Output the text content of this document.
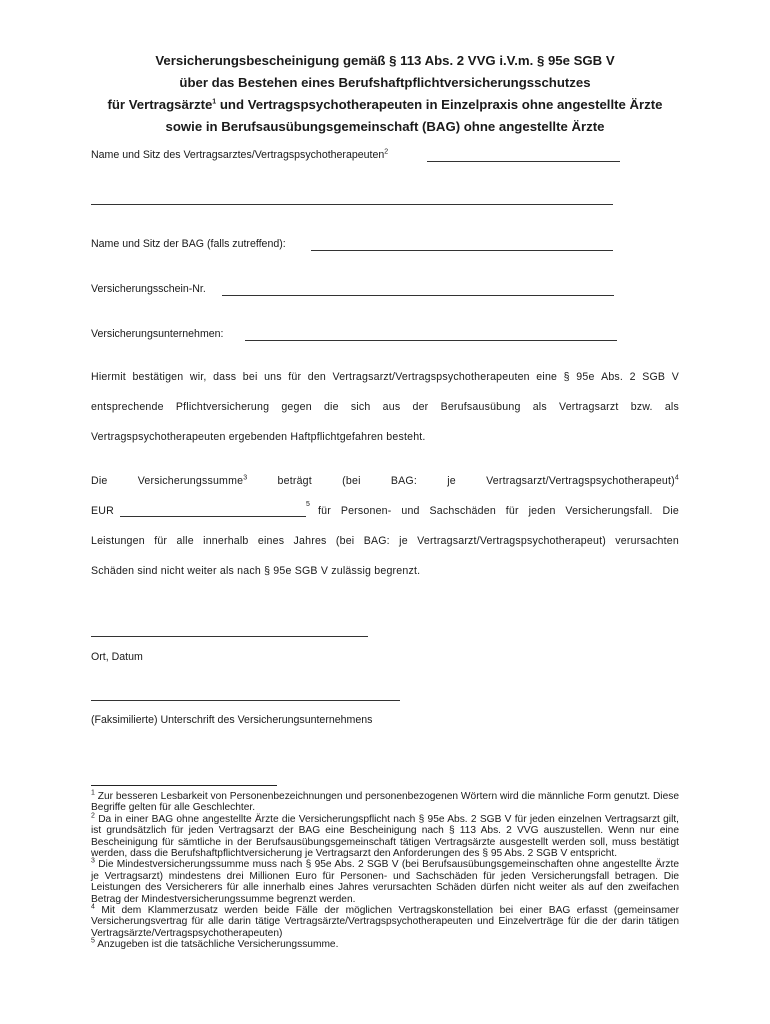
Versicherungsbescheinigung gemäß § 113 Abs. 2 VVG i.V.m. § 95e SGB V
über das Bestehen eines Berufshaftpflichtversicherungsschutzes
für Vertragsärzte$^1$ und Vertragspsychotherapeuten in Einzelpraxis ohne angestellte Ärzte
sowie in Berufsausübungsgemeinschaft (BAG) ohne angestellte Ärzte
Name und Sitz des Vertragsarztes/Vertragspsychotherapeuten$^2$
Name und Sitz der BAG (falls zutreffend):
Versicherungsschein-Nr.
Versicherungsunternehmen:
Hiermit bestätigen wir, dass bei uns für den Vertragsarzt/Vertragspsychotherapeuten eine § 95e Abs. 2 SGB V
entsprechende Pflichtversicherung gegen die sich aus der Berufsausübung als Vertragsarzt bzw. als
Vertragspsychotherapeuten ergebenden Haftpflichtgefahren besteht.
Die	Versicherungssumme$^3$	beträgt	(bei	BAG:	je	Vertragsarzt/Vertragspsychotherapeut)$^4$
EUR
5
für Personen- und Sachschäden für jeden Versicherungsfall. Die
Leistungen für alle innerhalb eines Jahres (bei BAG: je Vertragsarzt/Vertragspsychotherapeut) verursachten
Schäden sind nicht weiter als nach § 95e SGB V zulässig begrenzt.
Ort, Datum
(Faksimilierte) Unterschrift des Versicherungsunternehmens

$^1$ Zur besseren Lesbarkeit von Personenbezeichnungen und personenbezogenen Wörtern wird die männliche Form genutzt. Diese Begriffe gelten für alle Geschlechter.

$^2$ Da in einer BAG ohne angestellte Ärzte die Versicherungspflicht nach § 95e Abs. 2 SGB V für jeden einzelnen Vertragsarzt gilt, ist grundsätzlich für jeden Vertragsarzt der BAG eine Bescheinigung nach § 113 Abs. 2 VVG auszustellen. Wenn nur eine Bescheinigung für sämtliche in der Berufsausübungsgemeinschaft tätigen Vertragsärzte ausgestellt werden soll, muss bestätigt werden, dass die Berufshaftpflichtversicherung je Vertragsarzt den Anforderungen des § 95 Abs. 2 SGB V entspricht.

$^3$ Die Mindestversicherungssumme muss nach § 95e Abs. 2 SGB V (bei Berufsausübungsgemeinschaften ohne angestellte Ärzte je Vertragsarzt) mindestens drei Millionen Euro für Personen- und Sachschäden für jeden Versicherungsfall betragen. Die Leistungen des Versicherers für alle innerhalb eines Jahres verursachten Schäden dürfen nicht weiter als auf den zweifachen Betrag der Mindestversicherungssumme begrenzt werden.

$^4$ Mit dem Klammerzusatz werden beide Fälle der möglichen Vertragskonstellation bei einer BAG erfasst (gemeinsamer Versicherungsvertrag für alle darin tätige Vertragsärzte/Vertragspsychotherapeuten und Einzelverträge für die der darin tätigen Vertragsärzte/Vertragspsychotherapeuten)

$^5$ Anzugeben ist die tatsächliche Versicherungssumme.
